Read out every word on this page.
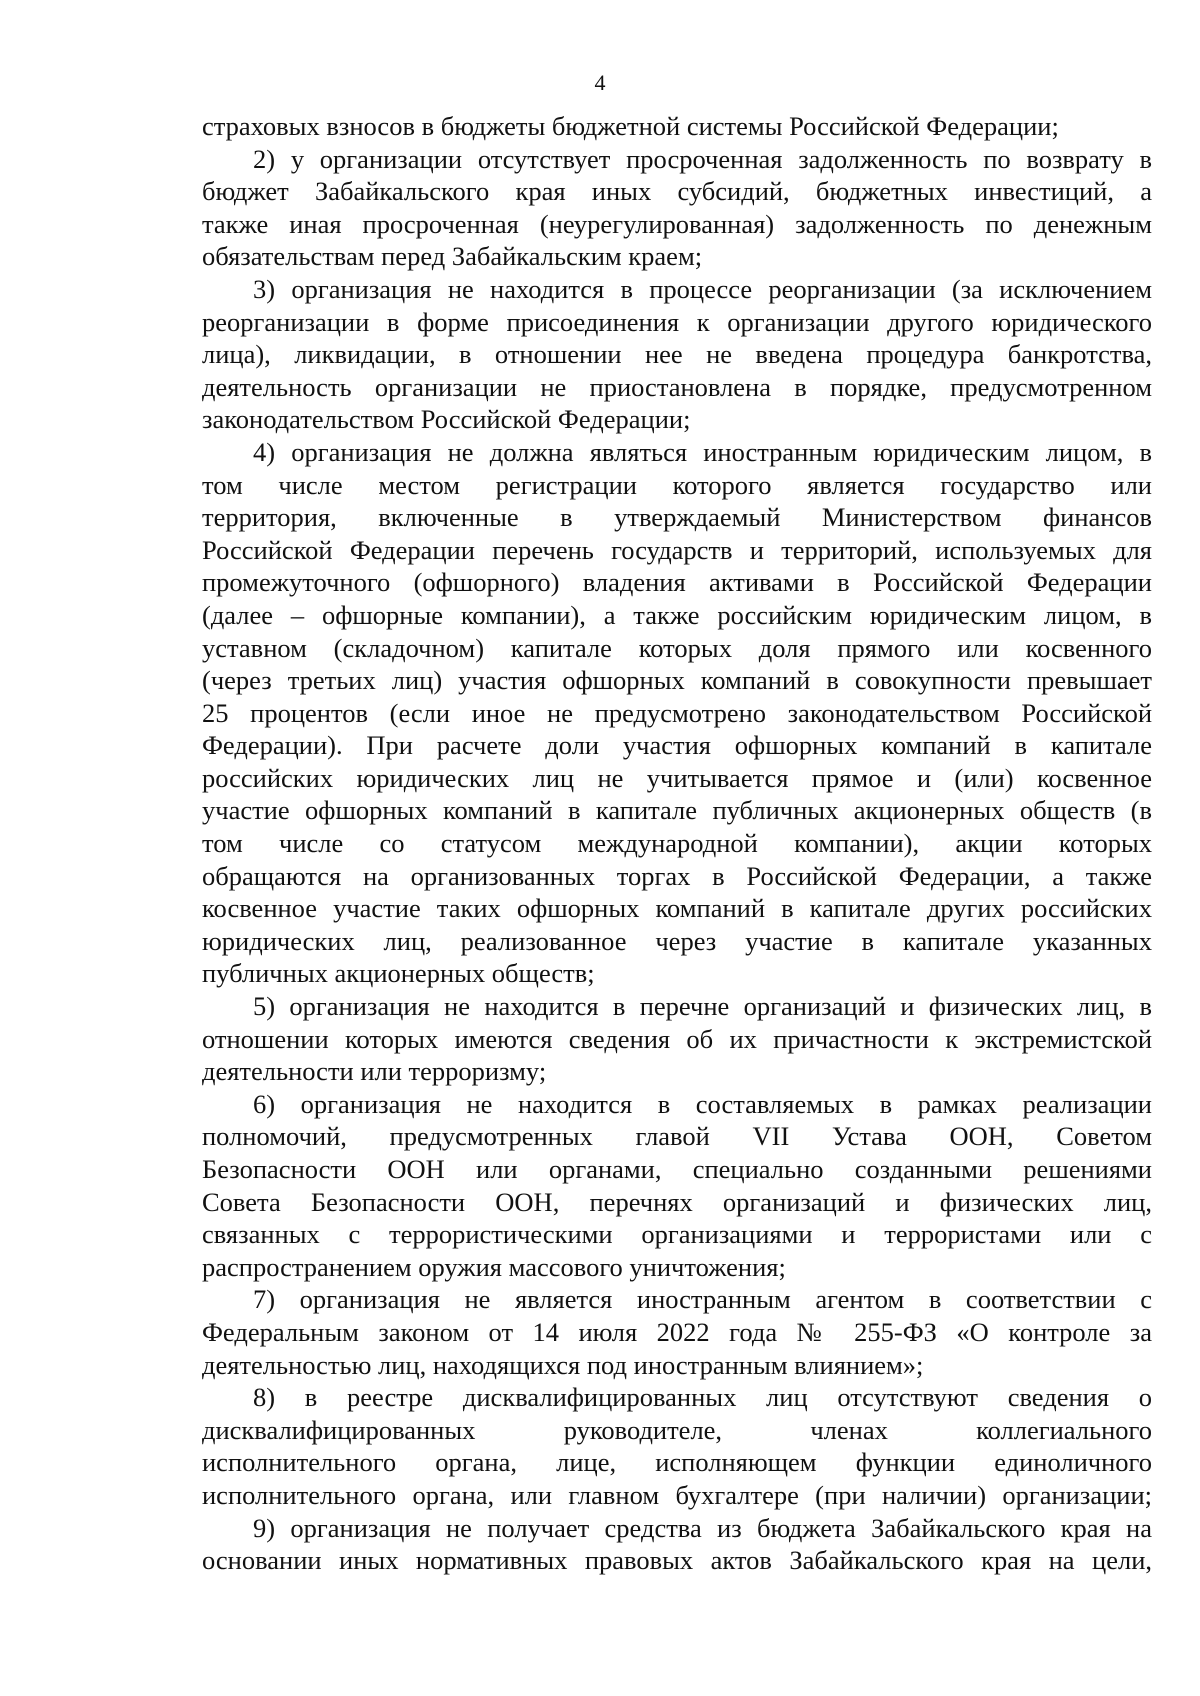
4
страховых взносов в бюджеты бюджетной системы Российской Федерации;
2) у организации отсутствует просроченная задолженность по возврату в
бюджет Забайкальского края иных субсидий, бюджетных инвестиций, а
также иная просроченная (неурегулированная) задолженность по денежным
обязательствам перед Забайкальским краем;
3) организация не находится в процессе реорганизации (за исключением
реорганизации в форме присоединения к организации другого юридического
лица), ликвидации, в отношении нее не введена процедура банкротства,
деятельность организации не приостановлена в порядке, предусмотренном
законодательством Российской Федерации;
4) организация не должна являться иностранным юридическим лицом, в
том числе местом регистрации которого является государство или
территория, включенные в утверждаемый Министерством финансов
Российской Федерации перечень государств и территорий, используемых для
промежуточного (офшорного) владения активами в Российской Федерации
(далее – офшорные компании), а также российским юридическим лицом, в
уставном (складочном) капитале которых доля прямого или косвенного
(через третьих лиц) участия офшорных компаний в совокупности превышает
25 процентов (если иное не предусмотрено законодательством Российской
Федерации). При расчете доли участия офшорных компаний в капитале
российских юридических лиц не учитывается прямое и (или) косвенное
участие офшорных компаний в капитале публичных акционерных обществ (в
том числе со статусом международной компании), акции которых
обращаются на организованных торгах в Российской Федерации, а также
косвенное участие таких офшорных компаний в капитале других российских
юридических лиц, реализованное через участие в капитале указанных
публичных акционерных обществ;
5) организация не находится в перечне организаций и физических лиц, в
отношении которых имеются сведения об их причастности к экстремистской
деятельности или терроризму;
6) организация не находится в составляемых в рамках реализации
полномочий, предусмотренных главой VII Устава ООН, Советом
Безопасности ООН или органами, специально созданными решениями
Совета Безопасности ООН, перечнях организаций и физических лиц,
связанных с террористическими организациями и террористами или с
распространением оружия массового уничтожения;
7) организация не является иностранным агентом в соответствии с
Федеральным законом от 14 июля 2022 года № 255-ФЗ «О контроле за
деятельностью лиц, находящихся под иностранным влиянием»;
8) в реестре дисквалифицированных лиц отсутствуют сведения о
дисквалифицированных руководителе, членах коллегиального
исполнительного органа, лице, исполняющем функции единоличного
исполнительного органа, или главном бухгалтере (при наличии) организации;
9) организация не получает средства из бюджета Забайкальского края на
основании иных нормативных правовых актов Забайкальского края на цели,
